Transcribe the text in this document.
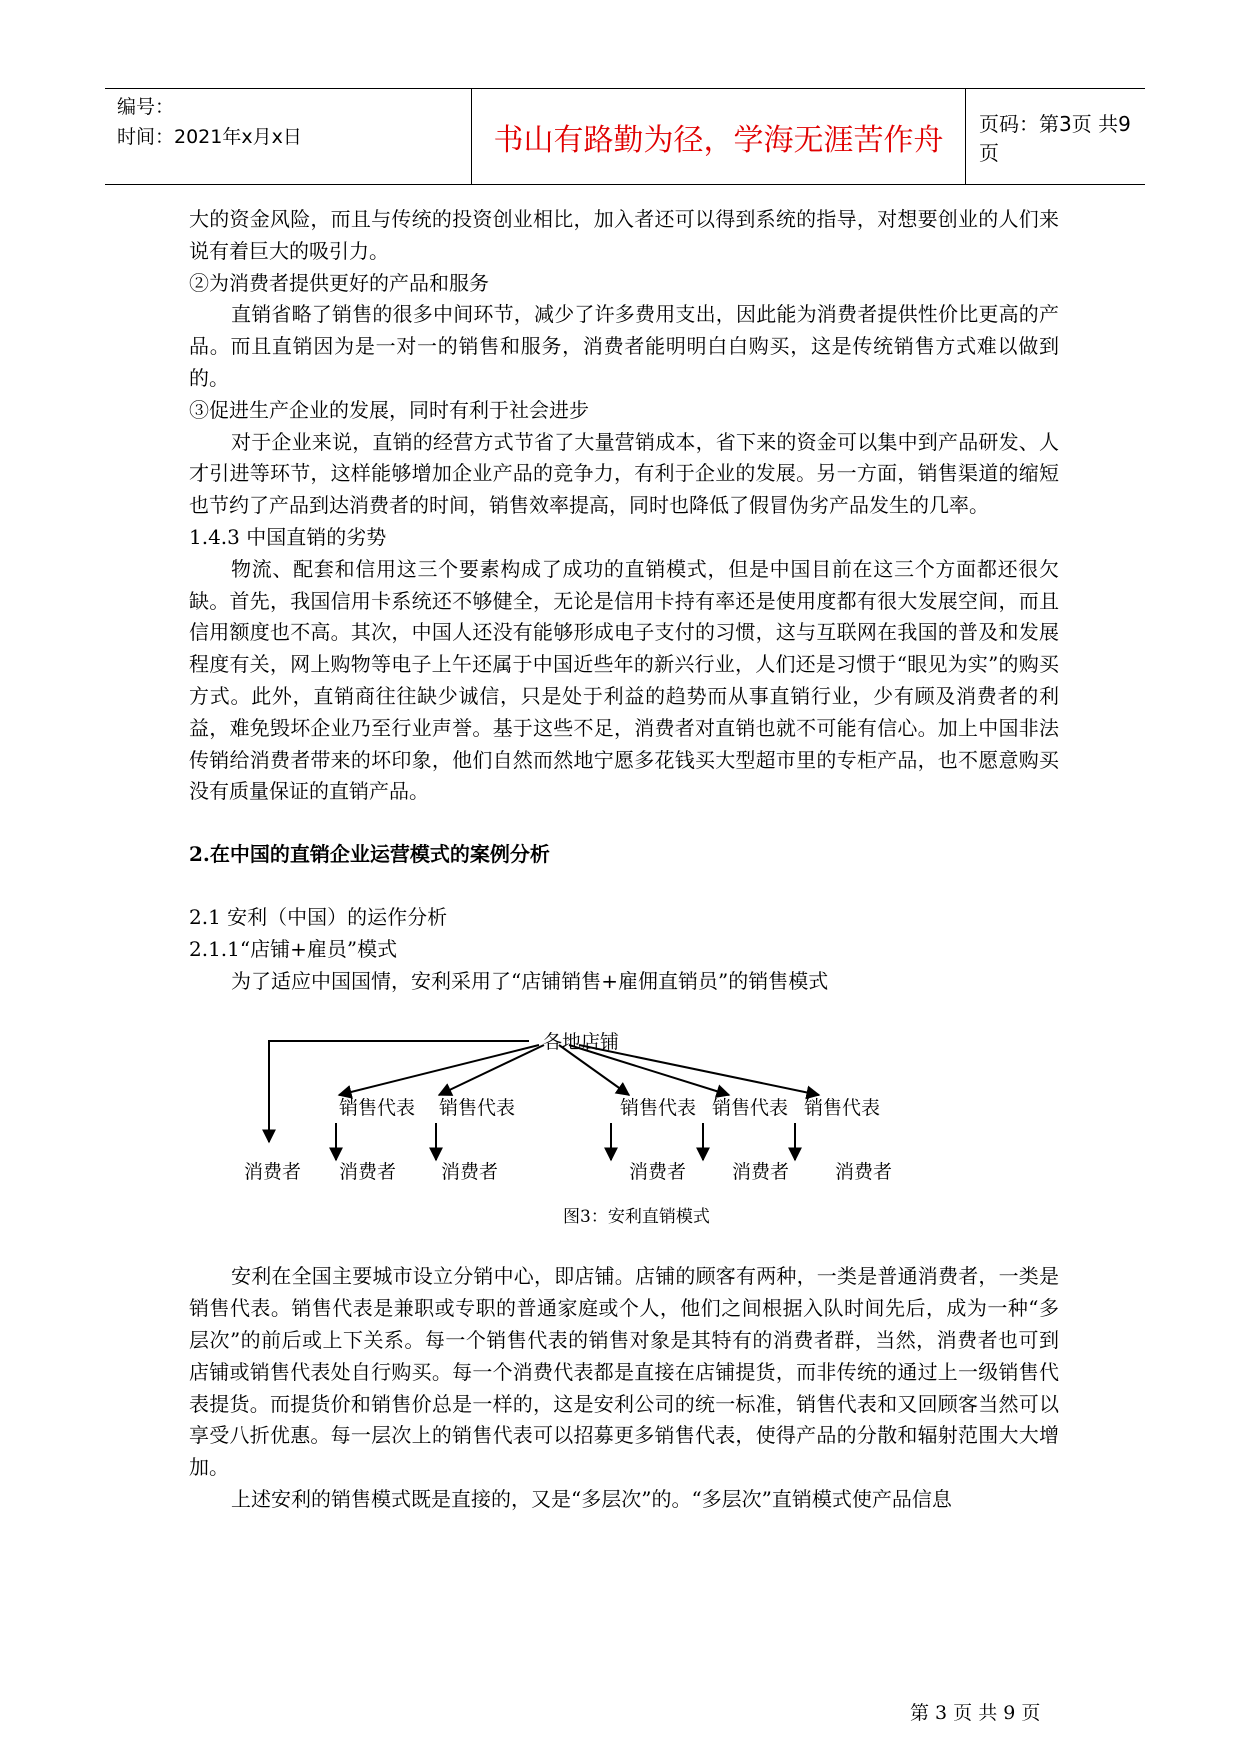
编号：
时间：2021年x月x日	书山有路勤为径，学海无涯苦作舟	页码：第3页 共9页

大的资金风险，而且与传统的投资创业相比，加入者还可以得到系统的指导，对想要创业的人们来说有着巨大的吸引力。

②为消费者提供更好的产品和服务

直销省略了销售的很多中间环节，减少了许多费用支出，因此能为消费者提供性价比更高的产品。而且直销因为是一对一的销售和服务，消费者能明明白白购买，这是传统销售方式难以做到的。

③促进生产企业的发展，同时有利于社会进步

对于企业来说，直销的经营方式节省了大量营销成本，省下来的资金可以集中到产品研发、人才引进等环节，这样能够增加企业产品的竞争力，有利于企业的发展。另一方面，销售渠道的缩短也节约了产品到达消费者的时间，销售效率提高，同时也降低了假冒伪劣产品发生的几率。

1.4.3 中国直销的劣势

物流、配套和信用这三个要素构成了成功的直销模式，但是中国目前在这三个方面都还很欠缺。首先，我国信用卡系统还不够健全，无论是信用卡持有率还是使用度都有很大发展空间，而且信用额度也不高。其次，中国人还没有能够形成电子支付的习惯，这与互联网在我国的普及和发展程度有关，网上购物等电子上午还属于中国近些年的新兴行业，人们还是习惯于“眼见为实”的购买方式。此外，直销商往往缺少诚信，只是处于利益的趋势而从事直销行业，少有顾及消费者的利益，难免毁坏企业乃至行业声誉。基于这些不足，消费者对直销也就不可能有信心。加上中国非法传销给消费者带来的坏印象，他们自然而然地宁愿多花钱买大型超市里的专柜产品，也不愿意购买没有质量保证的直销产品。

2.在中国的直销企业运营模式的案例分析

2.1 安利（中国）的运作分析

2.1.1“店铺+雇员”模式

为了适应中国国情，安利采用了“店铺销售+雇佣直销员”的销售模式

各地店铺
销售代表 销售代表	销售代表 销售代表 销售代表
消费者 消费者 消费者	消费者 消费者 消费者
图3：安利直销模式

安利在全国主要城市设立分销中心，即店铺。店铺的顾客有两种，一类是普通消费者，一类是销售代表。销售代表是兼职或专职的普通家庭或个人，他们之间根据入队时间先后，成为一种“多层次”的前后或上下关系。每一个销售代表的销售对象是其特有的消费者群，当然，消费者也可到店铺或销售代表处自行购买。每一个消费代表都是直接在店铺提货，而非传统的通过上一级销售代表提货。而提货价和销售价总是一样的，这是安利公司的统一标准，销售代表和又回顾客当然可以享受八折优惠。每一层次上的销售代表可以招募更多销售代表，使得产品的分散和辐射范围大大增加。

上述安利的销售模式既是直接的，又是“多层次”的。“多层次”直销模式使产品信息

第 3 页 共 9 页
